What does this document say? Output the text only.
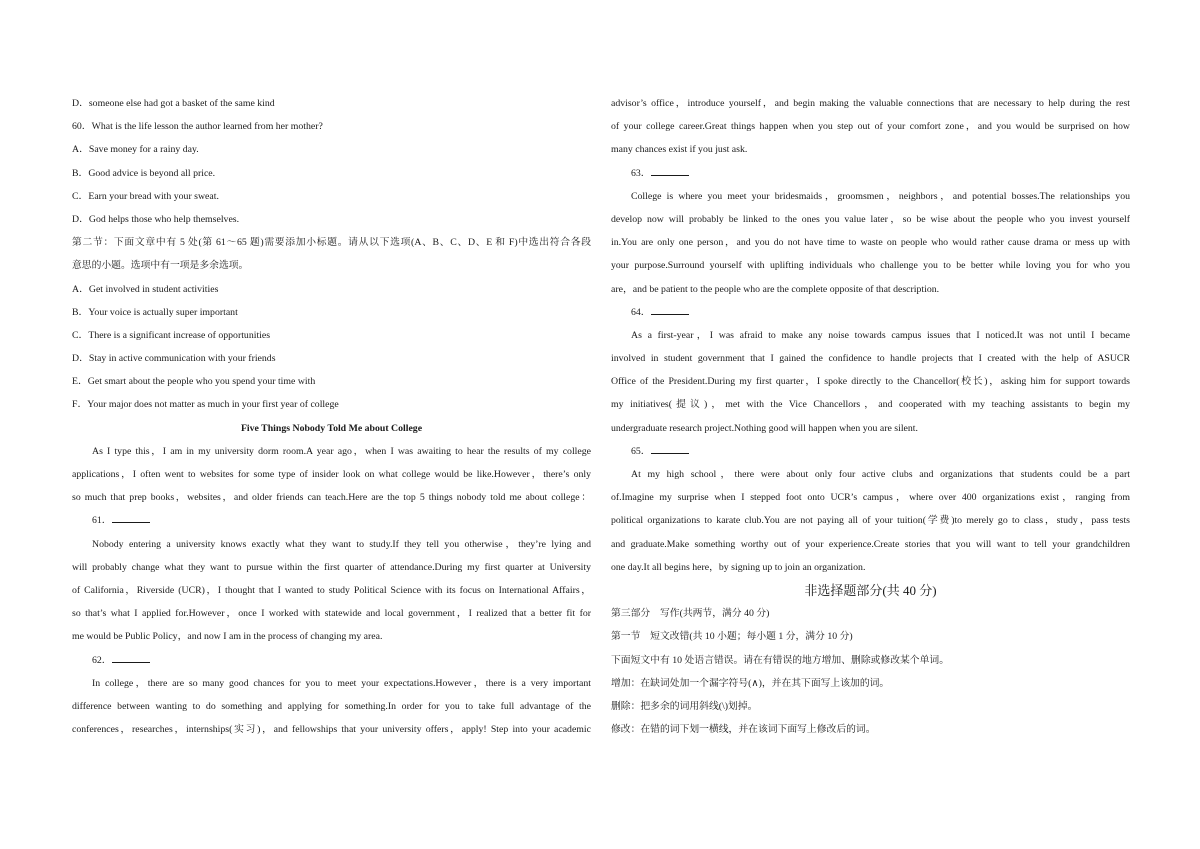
D．someone else had got a basket of the same kind
60．What is the life lesson the author learned from her mother?
A．Save money for a rainy day.
B．Good advice is beyond all price.
C．Earn your bread with your sweat.
D．God helps those who help themselves.
第二节：下面文章中有 5 处(第 61～65 题)需要添加小标题。请从以下选项(A、B、C、D、E 和 F)中选出符合各段
意思的小题。选项中有一项是多余选项。
A．Get involved in student activities
B．Your voice is actually super important
C．There is a significant increase of opportunities
D．Stay in active communication with your friends
E．Get smart about the people who you spend your time with
F．Your major does not matter as much in your first year of college
Five Things Nobody Told Me about College
As I type this，I am in my university dorm room.A year ago，when I was awaiting to hear the results of my college
applications，I often went to websites for some type of insider look on what college would be like.However，there’s only
so much that prep books，websites，and older friends can teach.Here are the top 5 things nobody told me about college：
61．
Nobody entering a university knows exactly what they want to study.If they tell you otherwise，they’re lying and
will probably change what they want to pursue within the first quarter of attendance.During my first quarter at University
of California，Riverside (UCR)，I thought that I wanted to study Political Science with its focus on International Affairs，
so that’s what I applied for.However，once I worked with statewide and local government，I realized that a better fit for
me would be Public Policy，and now I am in the process of changing my area.
62．
In college，there are so many good chances for you to meet your expectations.However，there is a very important
difference between wanting to do something and applying for something.In order for you to take full advantage of the
conferences，researches，internships(实习)，and fellowships that your university offers，apply! Step into your academic
advisor’s office，introduce yourself，and begin making the valuable connections that are necessary to help during the rest
of your college career.Great things happen when you step out of your comfort zone，and you would be surprised on how
many chances exist if you just ask.
63．
College is where you meet your bridesmaids，groomsmen，neighbors，and potential bosses.The relationships you
develop now will probably be linked to the ones you value later，so be wise about the people who you invest yourself
in.You are only one person，and you do not have time to waste on people who would rather cause drama or mess up with
your purpose.Surround yourself with uplifting individuals who challenge you to be better while loving you for who you
are，and be patient to the people who are the complete opposite of that description.
64．
As a first-year，I was afraid to make any noise towards campus issues that I noticed.It was not until I became
involved in student government that I gained the confidence to handle projects that I created with the help of ASUCR
Office of the President.During my first quarter，I spoke directly to the Chancellor(校长)，asking him for support towards
my initiatives(提议)，met with the Vice Chancellors，and cooperated with my teaching assistants to begin my
undergraduate research project.Nothing good will happen when you are silent.
65．
At my high school，there were about only four active clubs and organizations that students could be a part
of.Imagine my surprise when I stepped foot onto UCR’s campus，where over 400 organizations exist，ranging from
political organizations to karate club.You are not paying all of your tuition(学费)to merely go to class，study，pass tests
and graduate.Make something worthy out of your experience.Create stories that you will want to tell your grandchildren
one day.It all begins here，by signing up to join an organization.
非选择题部分(共 40 分)
第三部分　写作(共两节，满分 40 分)
第一节　短文改错(共 10 小题；每小题 1 分，满分 10 分)
下面短文中有 10 处语言错误。请在有错误的地方增加、删除或修改某个单词。
增加：在缺词处加一个漏字符号(∧)，并在其下面写上该加的词。
删除：把多余的词用斜线(\)划掉。
修改：在错的词下划一横线，并在该词下面写上修改后的词。
